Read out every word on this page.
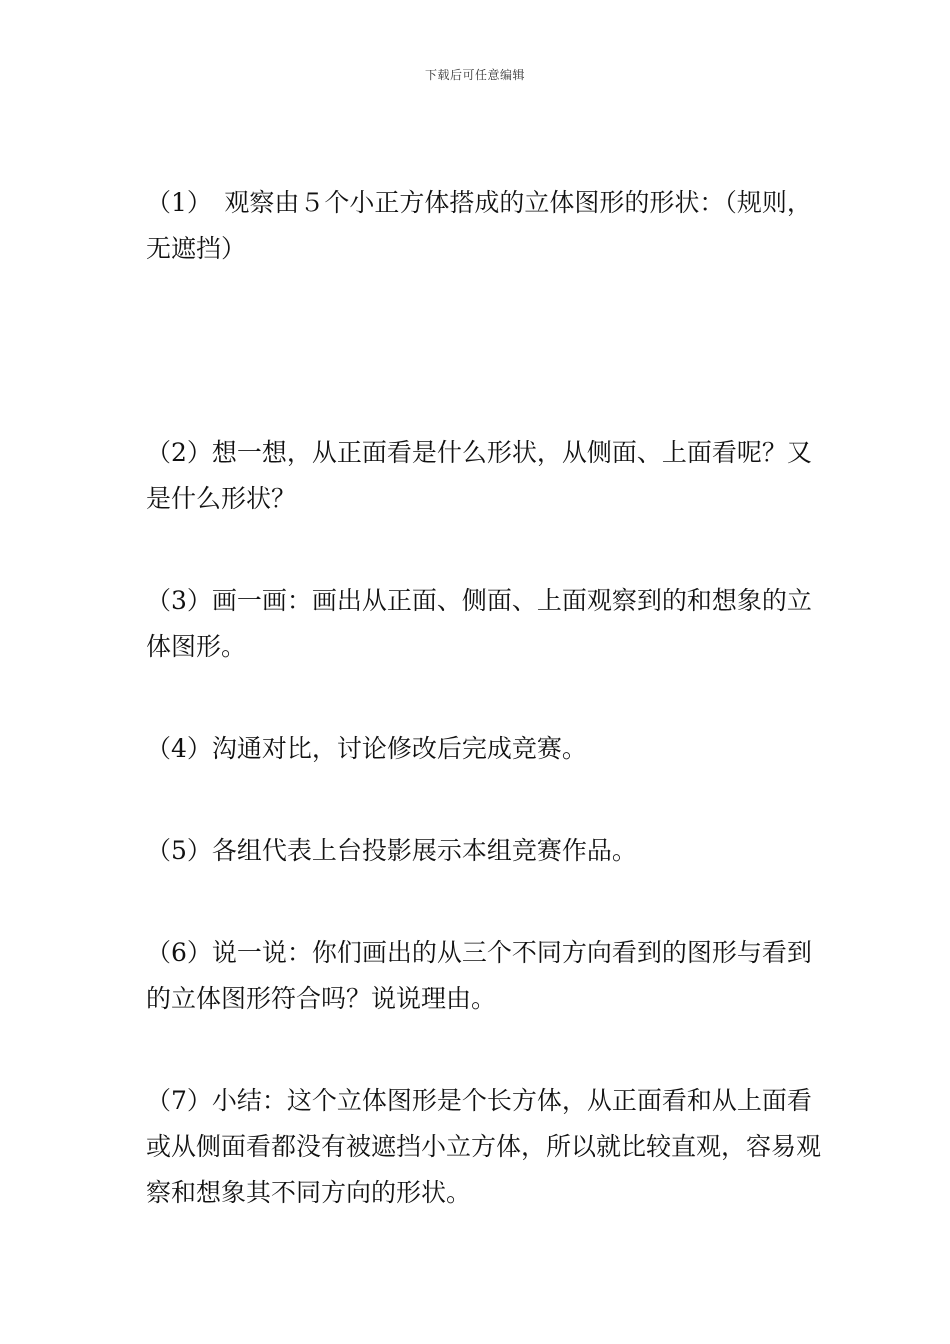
下载后可任意编辑

（1）　观察由５个小正方体搭成的立体图形的形状：（规则，无遮挡）

（2）想一想，从正面看是什么形状，从侧面、上面看呢？又是什么形状？

（3）画一画：画出从正面、侧面、上面观察到的和想象的立体图形。

（4）沟通对比，讨论修改后完成竞赛。

（5）各组代表上台投影展示本组竞赛作品。

（6）说一说：你们画出的从三个不同方向看到的图形与看到的立体图形符合吗？说说理由。

（7）小结：这个立体图形是个长方体，从正面看和从上面看或从侧面看都没有被遮挡小立方体，所以就比较直观，容易观察和想象其不同方向的形状。
